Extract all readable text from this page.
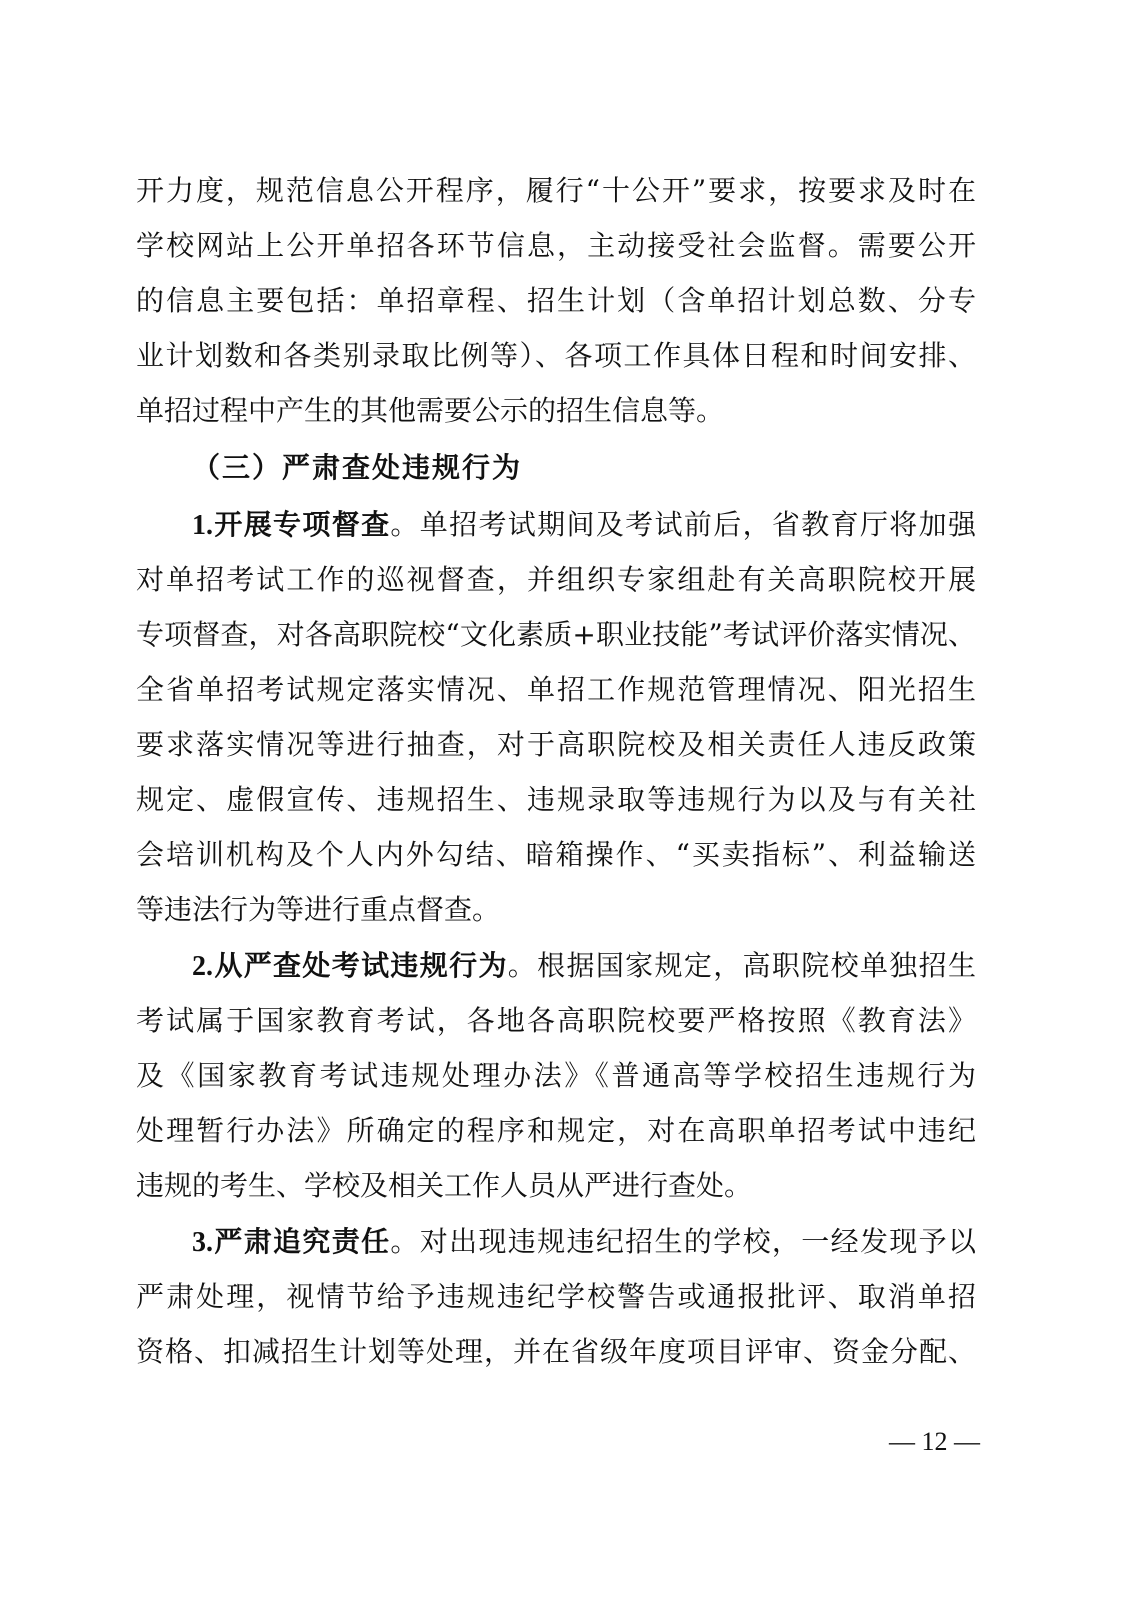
开力度，规范信息公开程序，履行“十公开”要求，按要求及时在
学校网站上公开单招各环节信息，主动接受社会监督。需要公开
的信息主要包括：单招章程、招生计划（含单招计划总数、分专
业计划数和各类别录取比例等）、各项工作具体日程和时间安排、
单招过程中产生的其他需要公示的招生信息等。
（三）严肃查处违规行为
1.开展专项督查。单招考试期间及考试前后，省教育厅将加强
对单招考试工作的巡视督查，并组织专家组赴有关高职院校开展
专项督查，对各高职院校“文化素质+职业技能”考试评价落实情况、
全省单招考试规定落实情况、单招工作规范管理情况、阳光招生
要求落实情况等进行抽查，对于高职院校及相关责任人违反政策
规定、虚假宣传、违规招生、违规录取等违规行为以及与有关社
会培训机构及个人内外勾结、暗箱操作、“买卖指标”、利益输送
等违法行为等进行重点督查。
2.从严查处考试违规行为。根据国家规定，高职院校单独招生
考试属于国家教育考试，各地各高职院校要严格按照《教育法》
及《国家教育考试违规处理办法》《普通高等学校招生违规行为
处理暂行办法》所确定的程序和规定，对在高职单招考试中违纪
违规的考生、学校及相关工作人员从严进行查处。
3.严肃追究责任。对出现违规违纪招生的学校，一经发现予以
严肃处理，视情节给予违规违纪学校警告或通报批评、取消单招
资格、扣减招生计划等处理，并在省级年度项目评审、资金分配、
— 12 —
